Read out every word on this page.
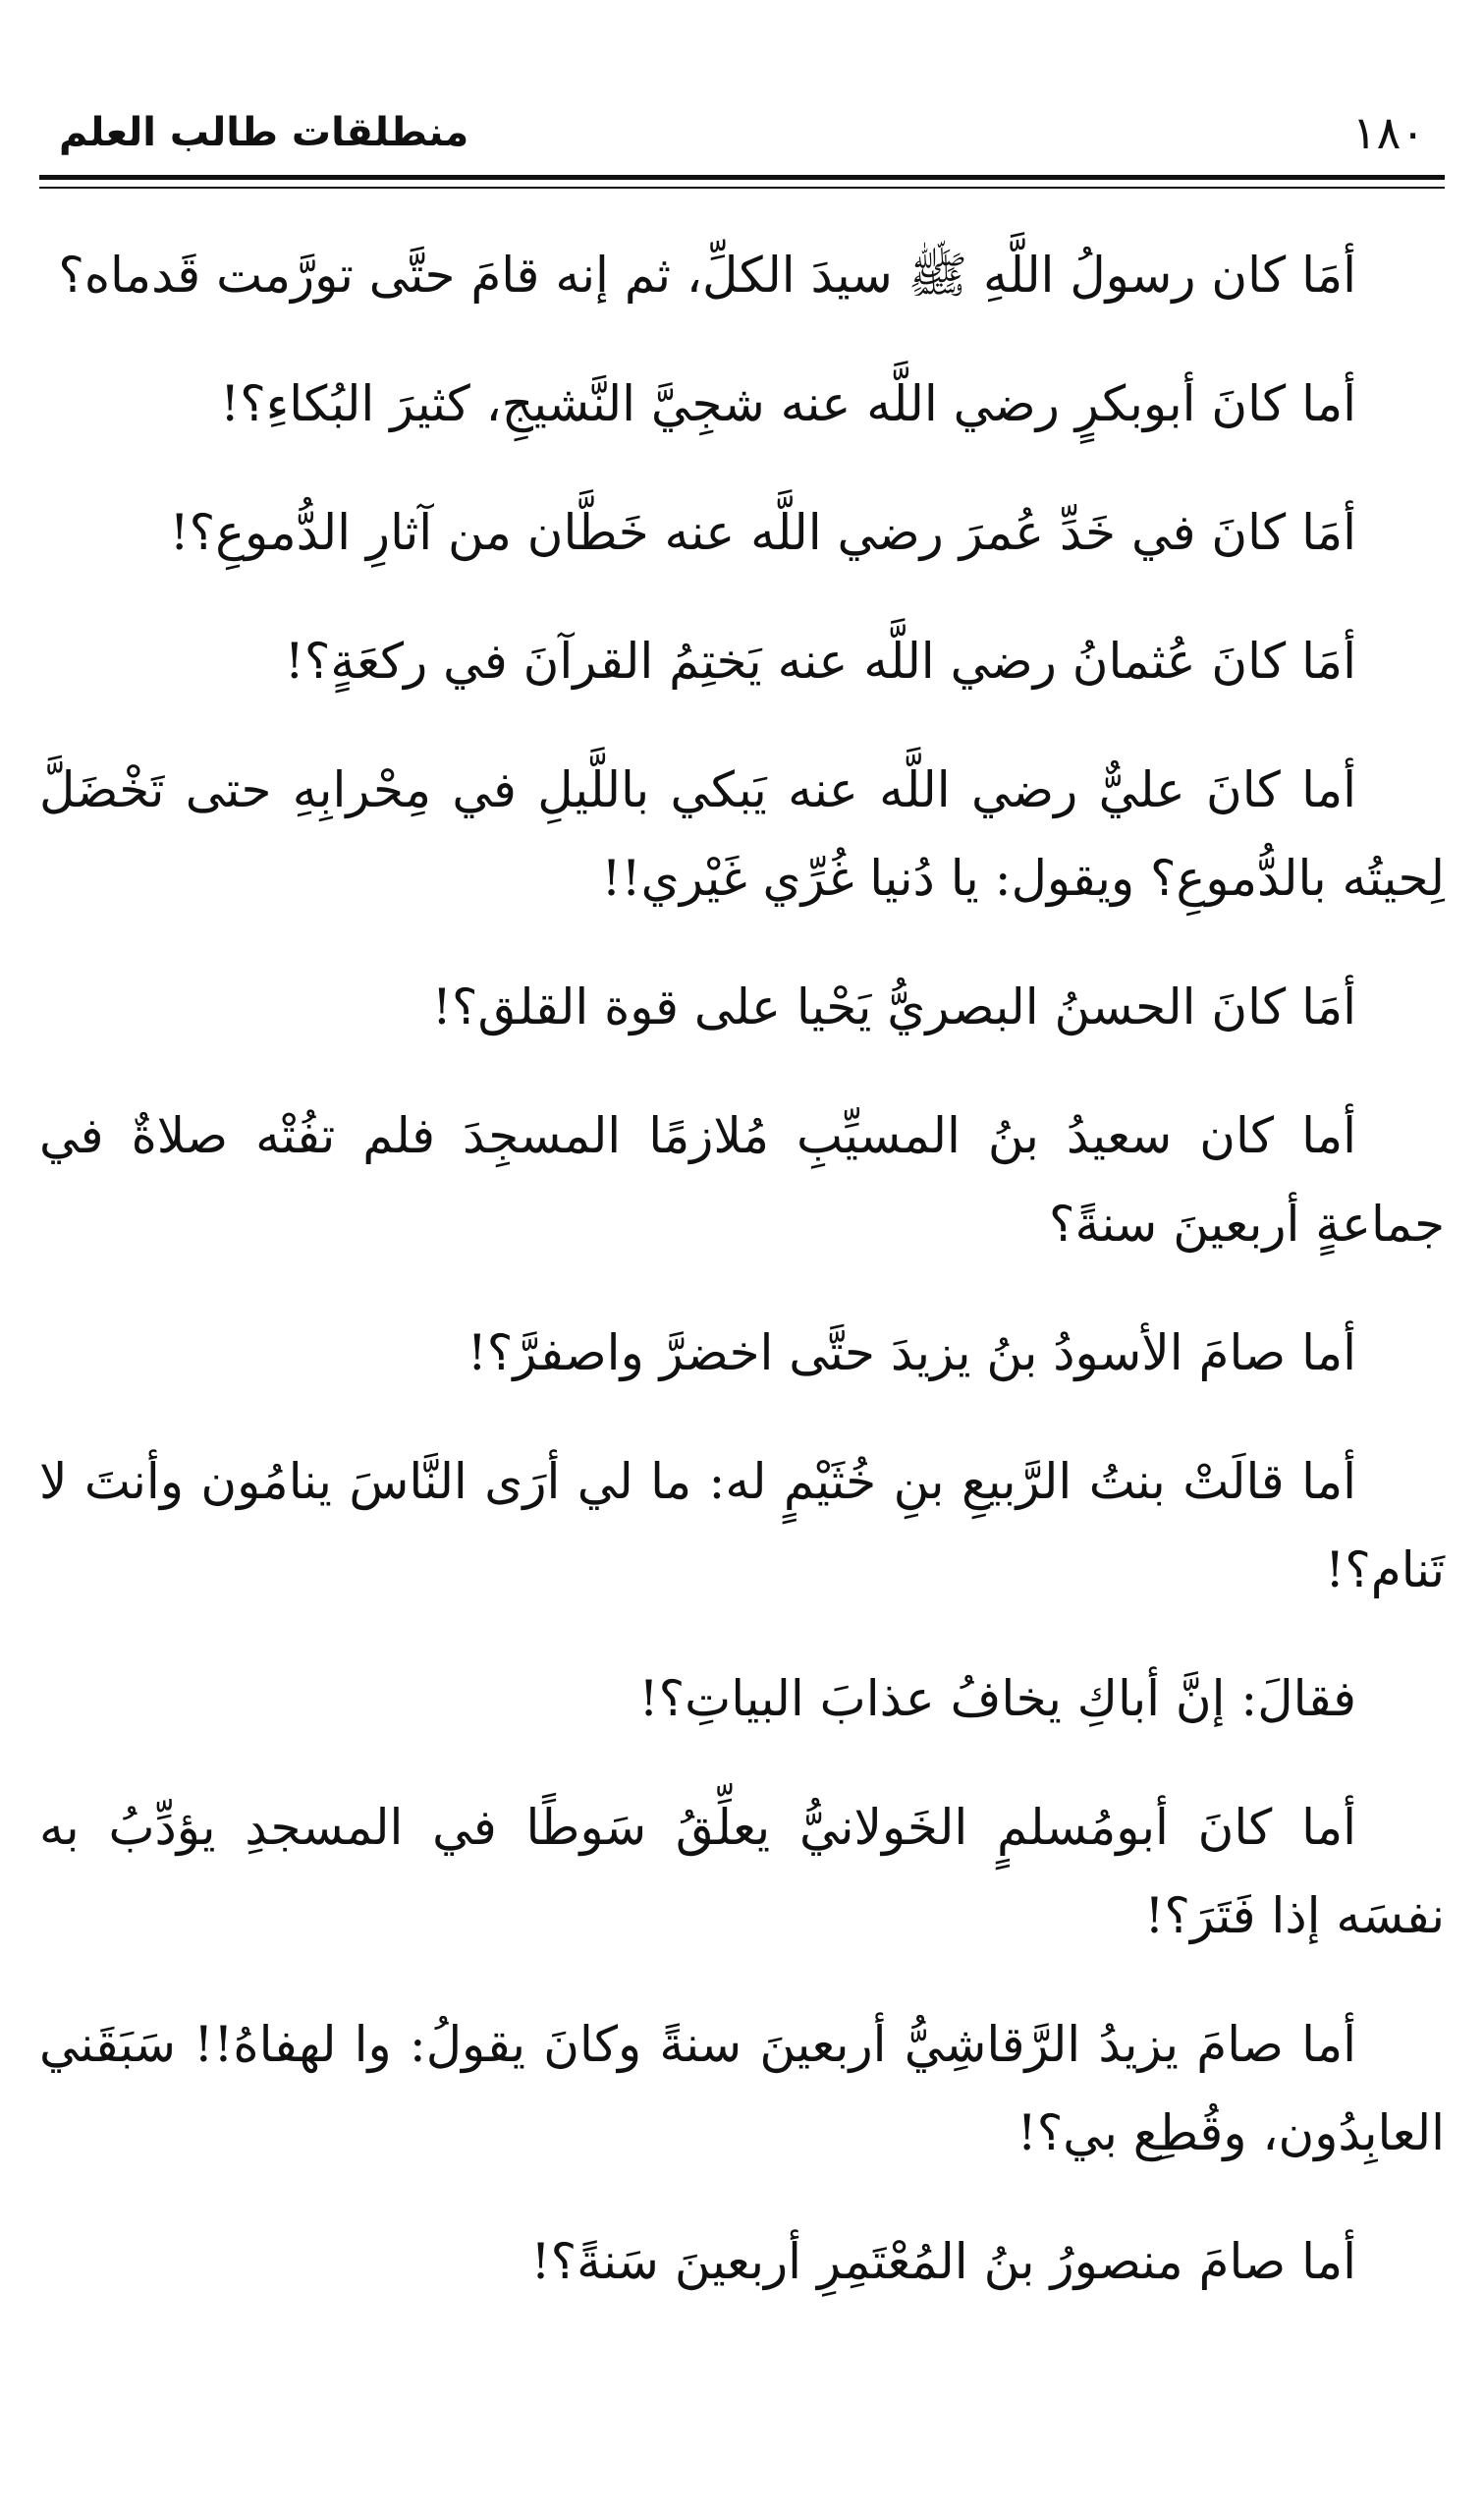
١٨٠
منطلقات طالب العلم

أمَا كان رسولُ اللَّهِ ﷺ سيدَ الكلِّ، ثم إنه قامَ حتَّى تورَّمت قَدماه؟

أما كانَ أبوبكرٍ رضي اللَّه عنه شجِيَّ النَّشيجِ، كثيرَ البُكاءِ؟!

أمَا كانَ في خَدِّ عُمرَ رضي اللَّه عنه خَطَّان من آثارِ الدُّموعِ؟!

أمَا كانَ عُثمانُ رضي اللَّه عنه يَختِمُ القرآنَ في ركعَةٍ؟!

أما كانَ عليٌّ رضي اللَّه عنه يَبكي باللَّيلِ في مِحْرابِهِ حتى تَخْضَلَّ لِحيتُه بالدُّموعِ؟ ويقول: يا دُنيا غُرِّي غَيْري!!

أمَا كانَ الحسنُ البصريُّ يَحْيا على قوة القلق؟!

أما كان سعيدُ بنُ المسيِّبِ مُلازمًا المسجِدَ فلم تفُتْه صلاةٌ في جماعةٍ أربعينَ سنةً؟

أما صامَ الأسودُ بنُ يزيدَ حتَّى اخضرَّ واصفرَّ؟!

أما قالَتْ بنتُ الرَّبيعِ بنِ خُثَيْمٍ له: ما لي أرَى النَّاسَ ينامُون وأنتَ لا تَنام؟!

فقالَ: إنَّ أباكِ يخافُ عذابَ البياتِ؟!

أما كانَ أبومُسلمٍ الخَولانيُّ يعلِّقُ سَوطًا في المسجدِ يؤدِّبُ به نفسَه إذا فَتَرَ؟!

أما صامَ يزيدُ الرَّقاشِيُّ أربعينَ سنةً وكانَ يقولُ: وا لهفاهُ!! سَبَقَني العابِدُون، وقُطِع بي؟!

أما صامَ منصورُ بنُ المُعْتَمِرِ أربعينَ سَنةً؟!
